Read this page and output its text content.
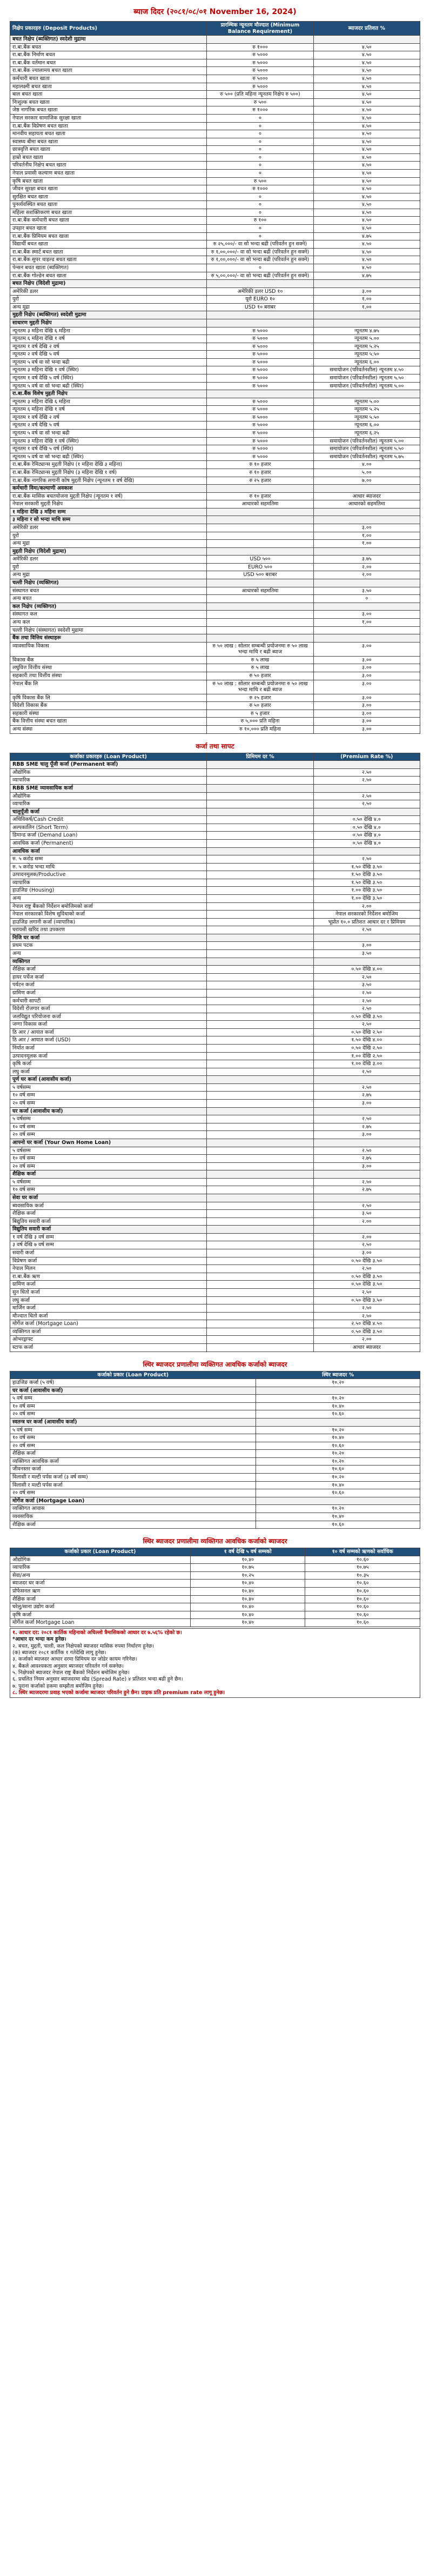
ब्याज दिदर (२०८१/०८/०१ November 16, 2024)
निक्षेप प्रकारहरु (Deposit Products)	प्रारम्भिक न्यूनतम मौज्दात (Minimum Balance Requirement)	ब्याजदर प्रतिशत %
बचत निक्षेप (ब्यक्तिगत) स्वदेशी मुद्रामा		
रा.बा.बैंक बचत	रु १०००	४.५०
रा.बा.बैंक निर्माण बचत	रु ५०००	४.५०
रा.बा.बैंक वर्तमान बचत	रु ५०००	४.५०
रा.बा.बैंक ज्यालामय बचत खाता	रु ५०००	४.५०
कर्मचारी बचत खाता	रु ५०००	४.५०
महालक्ष्मी बचत खाता	रु ५०००	४.५०
बाल बचत खाता	रु ५०० (प्रति महिना न्यूनतम निक्षेप रु ५००)	४.५०
निःशुल्क बचत खाता	रु ५००	४.५०
जेष्ठ नागरिक बचत खाता	रु १०००	४.५०
नेपाल सरकार सामाजिक सुरक्षा खाता	०	४.५०
रा.बा.बैंक विप्रेषण बचत खाता	०	४.५०
मानवीय सहायता बचत खाता	०	४.५०
स्वास्थ्य बीमा बचत खाता	०	४.५०
छात्रवृत्ति बचत खाता	०	४.५०
हाम्रो बचत खाता	०	४.५०
परिवर्तनीय निक्षेप बचत खाता	०	४.५०
नेपाल प्रवासी कल्याण बचत खाता	०	४.५०
कृषि बचत खाता	रु ५००	४.५०
जीवन सुरक्षा बचत खाता	रु १०००	४.५०
सुरक्षित बचत खाता	०	४.५०
पुनर्व्यवस्थित बचत खाता	०	४.५०
महिला सशक्तिकरण बचत खाता	०	४.५०
रा.बा.बैंक कर्मचारी बचत खाता	रु १००	४.५०
उपहार बचत खाता	०	४.५०
रा.बा.बैंक प्रिमियम बचत खाता	०	४.७५
विद्यार्थी बचत खाता	रु २५,०००/- वा सो भन्दा बढी (परिवर्तन हुन सक्ने)	४.५०
रा.बा.बैंक स्मार्ट बचत खाता	रु १,००,०००/- वा सो भन्दा बढी (परिवर्तन हुन सक्ने)	४.५०
रा.बा.बैंक सुपर चाइल्ड बचत खाता	रु १,००,०००/- वा सो भन्दा बढी (परिवर्तन हुन सक्ने)	४.५०
पेन्सन बचत खाता (ब्यक्तिगत)	०	४.५०
रा.बा.बैंक गोल्डेन बचत खाता	रु ५,००,०००/- वा सो भन्दा बढी (परिवर्तन हुन सक्ने)	४.७५
बचत निक्षेप (विदेशी मुद्रामा)		
अमेरिकी डलर	अमेरिकी डलर USD १०	३.००
युरो	यूरो EURO १०	१.००
अन्य मुद्रा	USD १० बराबर	१.००
मुद्दती निक्षेप (ब्यक्तिगत) स्वदेशी मुद्रामा		
साधारण मुद्दती निक्षेप		
न्यूनतम ३ महिना देखि ६ महिना	रु ५०००	न्यूनतम ४.७५
न्यूनतम ६ महिना देखि १ वर्ष	रु ५०००	न्यूनतम ५.००
न्यूनतम १ वर्ष देखि २ वर्ष	रु ५०००	न्यूनतम ५.२५
न्यूनतम २ वर्ष देखि ५ वर्ष	रु ५०००	न्यूनतम ५.५०
न्यूनतम ५ वर्ष वा सो भन्दा बढी	रु ५०००	न्यूनतम ६.००
न्यूनतम ३ महिना देखि १ वर्ष (स्थिर)	रु ५०००	समायोजन (परिवर्तनशील) न्यूनतम ४.५०
न्यूनतम १ वर्ष देखि ५ वर्ष (स्थिर)	रु ५०००	समायोजन (परिवर्तनशील) न्यूनतम ५.५०
न्यूनतम ५ वर्ष वा सो भन्दा बढी (स्थिर)	रु ५०००	समायोजन (परिवर्तनशील) न्यूनतम ५.००
रा.बा.बैंक विशेष मुद्दती निक्षेप		
न्यूनतम ३ महिना देखि ६ महिना	रु ५०००	न्यूनतम ५.००
न्यूनतम ६ महिना देखि १ वर्ष	रु ५०००	न्यूनतम ५.२५
न्यूनतम १ वर्ष देखि २ वर्ष	रु ५०००	न्यूनतम ५.५०
न्यूनतम २ वर्ष देखि ५ वर्ष	रु ५०००	न्यूनतम ६.००
न्यूनतम ५ वर्ष वा सो भन्दा बढी	रु ५०००	न्यूनतम ६.२५
न्यूनतम ३ महिना देखि १ वर्ष (स्थिर)	रु ५०००	समायोजन (परिवर्तनशील) न्यूनतम ५.००
न्यूनतम १ वर्ष देखि ५ वर्ष (स्थिर)	रु ५०००	समायोजन (परिवर्तनशील) न्यूनतम ५.५०
न्यूनतम ५ वर्ष वा सो भन्दा बढी (स्थिर)	रु ५०००	समायोजन (परिवर्तनशील) न्यूनतम ५.७५
रा.बा.बैंक रेमिट्यान्स मुद्दती निक्षेप (१ महिना देखि ३ महिना)	रु १० हजार	४.००
रा.बा.बैंक रेमिट्यान्स मुद्दती निक्षेप (३ महिना देखि १ वर्ष)	रु १० हजार	५.००
रा.बा.बैंक नागरिक लगानी कोष मुद्दती निक्षेप (न्यूनतम १ वर्ष देखि)	रु २५ हजार	७.००
कर्मचारी विमा/कल्याणी अवकाश		
रा.बा.बैंक मासिक बचतयोजना मुद्दती निक्षेप (न्यूनतम १ वर्ष)	रु १० हजार	आधार ब्याजदर
नेपाल सरकारी मुद्दती निक्षेप	आधारको सहमतिमा	आधारको सहमतिमा
१ महिना देखि ३ महिना सम्म		
३ महिना र सो भन्दा माथि सम्म		
अमेरिकी डलर		३.००
युरो		१.००
अन्य मुद्रा		१.००
मुद्दती निक्षेप (विदेशी मुद्रामा)		
अमेरिकी डलर	USD ५००	३.७५
युरो	EURO ५००	२.००
अन्य मुद्रा	USD ५०० बराबर	२.००
चल्ती निक्षेप (व्यक्तिगत)		
संस्थागत बचत	आधारको सहमतिमा	३.५०
अन्य बचत		०
कल निक्षेप (व्यक्तिगत)		
संस्थागत कल		३.००
अन्य कल		१.००
चल्ती निक्षेप (संस्थागत) स्वदेशी मुद्रामा		
बैंक तथा वित्तिय संस्थाहरू		
व्यावसायिक विकास	रु ५० लाख : सोलार सम्बन्धी प्रयोजनमा रु ५० लाख भन्दा माथि र बढी ब्याज	३.००
विकास बैंक	रु ५ लाख	३.००
लघुवित्त वित्तीय संस्था	रु ५ लाख	३.००
सहकारी तथा वित्तीय संस्था	रु ५० हजार	३.००
नेपाल बैंक लि	रु ५० लाख : सोलार सम्बन्धी प्रयोजनमा रु ५० लाख भन्दा माथि र बढी ब्याज	३.००
कृषि विकास बैंक लि	रु २५ हजार	३.००
विदेशी विकास बैंक	रु ५० हजार	३.००
सहकारी संस्था	रु ५ हजार	३.००
बैंक वित्तीय संस्था बचत खाता	रु ५,००० प्रति महिना	३.००
अन्य संस्था	रु १०,००० प्रति महिना	३.००
कर्जा तथा सापट
कर्जाका प्रकारहरु (Loan Product)	प्रिमियम दर %	(Premium Rate %)
RBB SME चालु पूँजी कर्जा (Permanent कर्जा)		
औद्योगिक		२.५०
व्यापारिक		२.५०
RBB SME व्यावसायिक कर्जा		
औद्योगिक		२.५०
व्यापारिक		२.५०
चालुपूँजी कर्जा		
अधिविकर्ष/Cash Credit		०.५० देखि ४.०
अल्पकालिन (Short Term)		०.५० देखि ४.०
डिमान्ड कर्जा (Demand Loan)		०.५० देखि ४.०
आवधिक कर्जा (Permanent)		०.५० देखि ४.०
आवधिक कर्जा		
रु. ५ करोड सम्म		२.५०
रु. ५ करोड भन्दा माथि		१.५० देखि ३.५०
उत्पादनमूलक/Productive		१.५० देखि ३.५०
व्यापारिक		१.५० देखि ३.५०
हाउजिङ (Housing)		१.०० देखि ३.५०
अन्य		१.०० देखि ३.५०
नेपाल राष्ट्र बैंकको निर्देशन बमोजिमको कर्जा		२.००
नेपाल सरकारको विशेष सुविधाको कर्जा		नेपाल सरकारको निर्देशन बमोजिम
हाउजिङ लगानी कर्जा (व्यापारिक)		भूप्रोत १०.० प्रतिशत आधार दर र प्रिमियम
घरायसी खरिद तथा उपकरण		२.५०
निजि घर कर्जा		
प्रथम पटक		३.००
अन्य		३.५०
व्यक्तिगत		
शैक्षिक कर्जा		०.५० देखि ४.००
हायर पर्चेज कर्जा		२.५०
पर्यटन कर्जा		३.५०
ग्रामिण कर्जा		२.५०
कर्मचारी सापटी		२.५०
विदेशी रोजगार कर्जा		२.५०
जलविद्युत परियोजना कर्जा		०.५० देखि ३.५०
जग्गा विकास कर्जा		२.५०
ठि आर / आयात कर्जा		०.५० देखि २.५०
ठि आर / आयात कर्जा (USD)		१.५० देखि ४.००
निर्यात कर्जा		०.५० देखि २.५०
उत्पादनमूलक कर्जा		१.०० देखि २.५०
कृषि कर्जा		१.०० देखि ३.००
लघु कर्जा		२.५०
पूर्ण घर कर्जा (आवासीय कर्जा)		
५ वर्षसम्म		२.५०
१० वर्ष सम्म		२.७५
२० वर्ष सम्म		३.००
घर कर्जा (आवासीय कर्जा)		
५ वर्षसम्म		२.५०
१० वर्ष सम्म		२.७५
२० वर्ष सम्म		३.००
आफ्नो घर कर्जा (Your Own Home Loan)		
५ वर्षसम्म		२.५०
१० वर्ष सम्म		२.७५
२० वर्ष सम्म		३.००
शैक्षिक कर्जा		
५ वर्षसम्म		२.५०
१० वर्ष सम्म		२.७५
सेवा घर कर्जा		
ब्यवसायिक कर्जा		२.५०
शैक्षिक कर्जा		३.५०
बिद्युतिय सवारी कर्जा		२.००
विद्युतिय सवारी कर्जा		
१ वर्ष देखि ३ वर्ष सम्म		२.००
३ वर्ष देखि ७ वर्ष सम्म		२.५०
सवारी कर्जा		३.००
विप्रेषण कर्जा		०.५० देखि ३.५०
नेपाल मिलन		२.५०
रा.बा.बैंक ऋण		०.५० देखि ३.५०
ग्रामिण कर्जा		०.५० देखि ३.५०
सुन धितो कर्जा		२.५०
लघु कर्जा		०.५० देखि ३.५०
मार्जिन कर्जा		२.५०
मौज्दात धितो कर्जा		२.५०
मोर्गेज कर्जा (Mortgage Loan)		२.५० देखि ४.५०
व्यक्तिगत कर्जा		०.५० देखि ३.५०
ओभरड्राफ्ट		२.००
स्टाफ कर्जा		आधार ब्याजदर
स्थिर ब्याजदर प्रणालीमा व्यक्तिगत आवधिक कर्जाको ब्याजदर
कर्जाको प्रकार (Loan Product)	स्थिर ब्याजदर %
हाउजिङ कर्जा (५ वर्ष)	१०.२०
घर कर्जा (आवासीय कर्जा)	
५ वर्ष सम्म	१०.२०
१० वर्ष सम्म	१०.४०
२० वर्ष सम्म	१०.६०
स्वतन्त्र घर कर्जा (आवासीय कर्जा)	
५ वर्ष सम्म	१०.२०
१० वर्ष सम्म	१०.४०
२० वर्ष सम्म	१०.६०
शैक्षिक कर्जा	१०.२०
व्यक्तिगत आवधिक कर्जा	१०.२०
जीवनस्तर कर्जा	१०.६०
विलासी र मल्टी पर्पस कर्जा (३ वर्ष सम्म)	१०.२०
विलासी र मल्टी पर्पस कर्जा	१०.४०
२० वर्ष सम्म	१०.६०
मोर्गेज कर्जा (Mortgage Loan)	
व्यक्तिगत आवास	१०.२०
व्यवसायिक	१०.४०
शैक्षिक कर्जा	१०.६०
स्थिर ब्याजदर प्रणालीमा व्यक्तिगत आवधिक कर्जाको ब्याजदर
कर्जाको प्रकार (Loan Product)	१ वर्ष देखि ५ वर्ष सम्मको	१० वर्ष सम्मको ऋणको सर्वाधिक
औद्योगिक	१०.४०	१०.६०
व्यापारिक	१०.७५	१०.७५
सेवा/अन्य	१०.२५	१०.३५
ब्याजदर घर कर्जा	१०.४०	१०.६०
प्रोफेसनल ऋण	१०.४०	१०.६०
शैक्षिक कर्जा	१०.४०	१०.६०
घरेलु/साना उद्योग कर्जा	१०.४०	१०.६०
कृषि कर्जा	१०.४०	१०.६०
मोर्गेज कर्जा Mortgage Loan	१०.४०	१०.६०
१. आधार दर: २०८१ कार्तिक महिनाको अघिल्लो त्रैमासिकको आधार दर ७.५६% रहेको छ।
*आधार दर भन्दा कम हुनेछ।
२. बचत, मुद्दती, चल्ती, कल निक्षेपको ब्याजदर मासिक रुपमा निर्धारण हुनेछ।
(क) ब्याजदर २०८१ कार्तिक १ गतेदेखि लागू हुनेछ।
३. कर्जाको ब्याजदर आधार दरमा प्रिमियम दर जोडेर कायम गरिनेछ।
४. बैंकले आवश्यकता अनुसार ब्याजदर परिवर्तन गर्न सक्नेछ।
५. निक्षेपको ब्याजदर नेपाल राष्ट्र बैंकको निर्देशन बमोजिम हुनेछ।
६. प्रचलित नियम अनुसार ब्याजदरमा स्प्रेड (Spread Rate) ४ प्रतिशत भन्दा बढी हुने छैन।
७. पुराना कर्जाको हकमा सम्झौता बमोजिम हुनेछ।
८. स्थिर ब्याजदरमा प्रवाह भएको कर्जामा ब्याजदर परिवर्तन हुने छैन। ग्राहक प्रति premium rate लागू हुनेछ।
